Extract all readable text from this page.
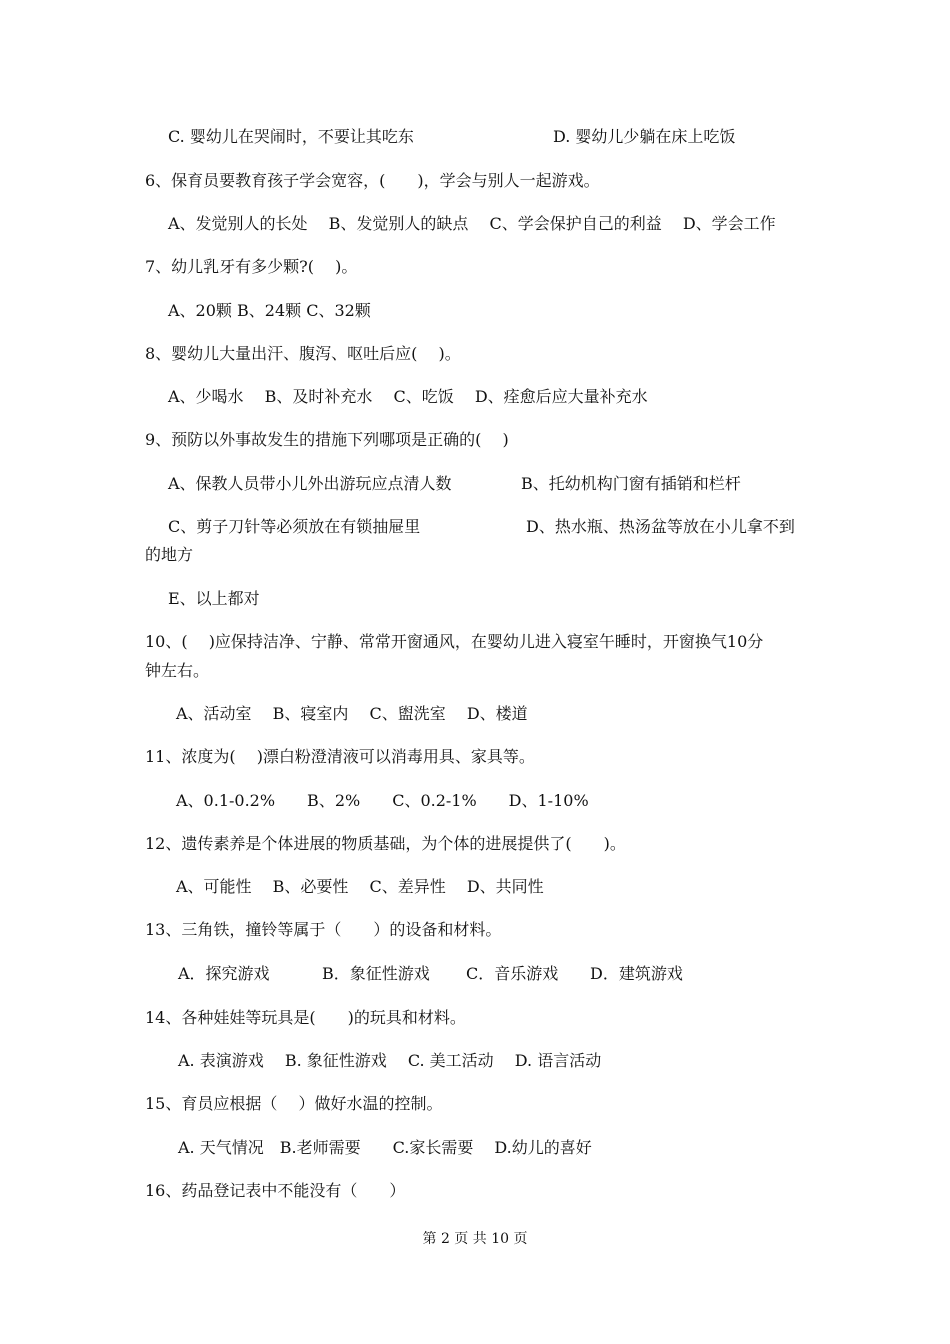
C. 婴幼儿在哭闹时，不要让其吃东	D. 婴幼儿少躺在床上吃饭
6、保育员要教育孩子学会宽容，(　　)，学会与别人一起游戏。
A、发觉别人的长处　 B、发觉别人的缺点　 C、学会保护自己的利益　 D、学会工作
7、幼儿乳牙有多少颗?(　 )。
A、20颗 B、24颗 C、32颗
8、婴幼儿大量出汗、腹泻、呕吐后应(　 )。
A、少喝水　 B、及时补充水　 C、吃饭　 D、痊愈后应大量补充水
9、预防以外事故发生的措施下列哪项是正确的(　 )
A、保教人员带小儿外出游玩应点清人数	B、托幼机构门窗有插销和栏杆
C、剪子刀针等必须放在有锁抽屉里	D、热水瓶、热汤盆等放在小儿拿不到
的地方
E、以上都对
10、(　 )应保持洁净、宁静、常常开窗通风，在婴幼儿进入寝室午睡时，开窗换气10分
钟左右。
A、活动室　 B、寝室内　 C、盥洗室　 D、楼道
11、浓度为(　 )漂白粉澄清液可以消毒用具、家具等。
A、0.1-0.2%　　B、2%　　C、0.2-1%　　D、1-10%
12、遗传素养是个体进展的物质基础，为个体的进展提供了(　　)。
A、可能性　 B、必要性　 C、差异性　 D、共同性
13、三角铁，撞铃等属于（　　）的设备和材料。
A．探究游戏	B．象征性游戏 C．音乐游戏 D．建筑游戏
14、各种娃娃等玩具是(　　)的玩具和材料。
A. 表演游戏　 B. 象征性游戏　 C. 美工活动　 D. 语言活动
15、育员应根据（　 ）做好水温的控制。
A. 天气情况　B.老师需要　　C.家长需要　 D.幼儿的喜好
16、药品登记表中不能没有（　　）
第 2 页 共 10 页
